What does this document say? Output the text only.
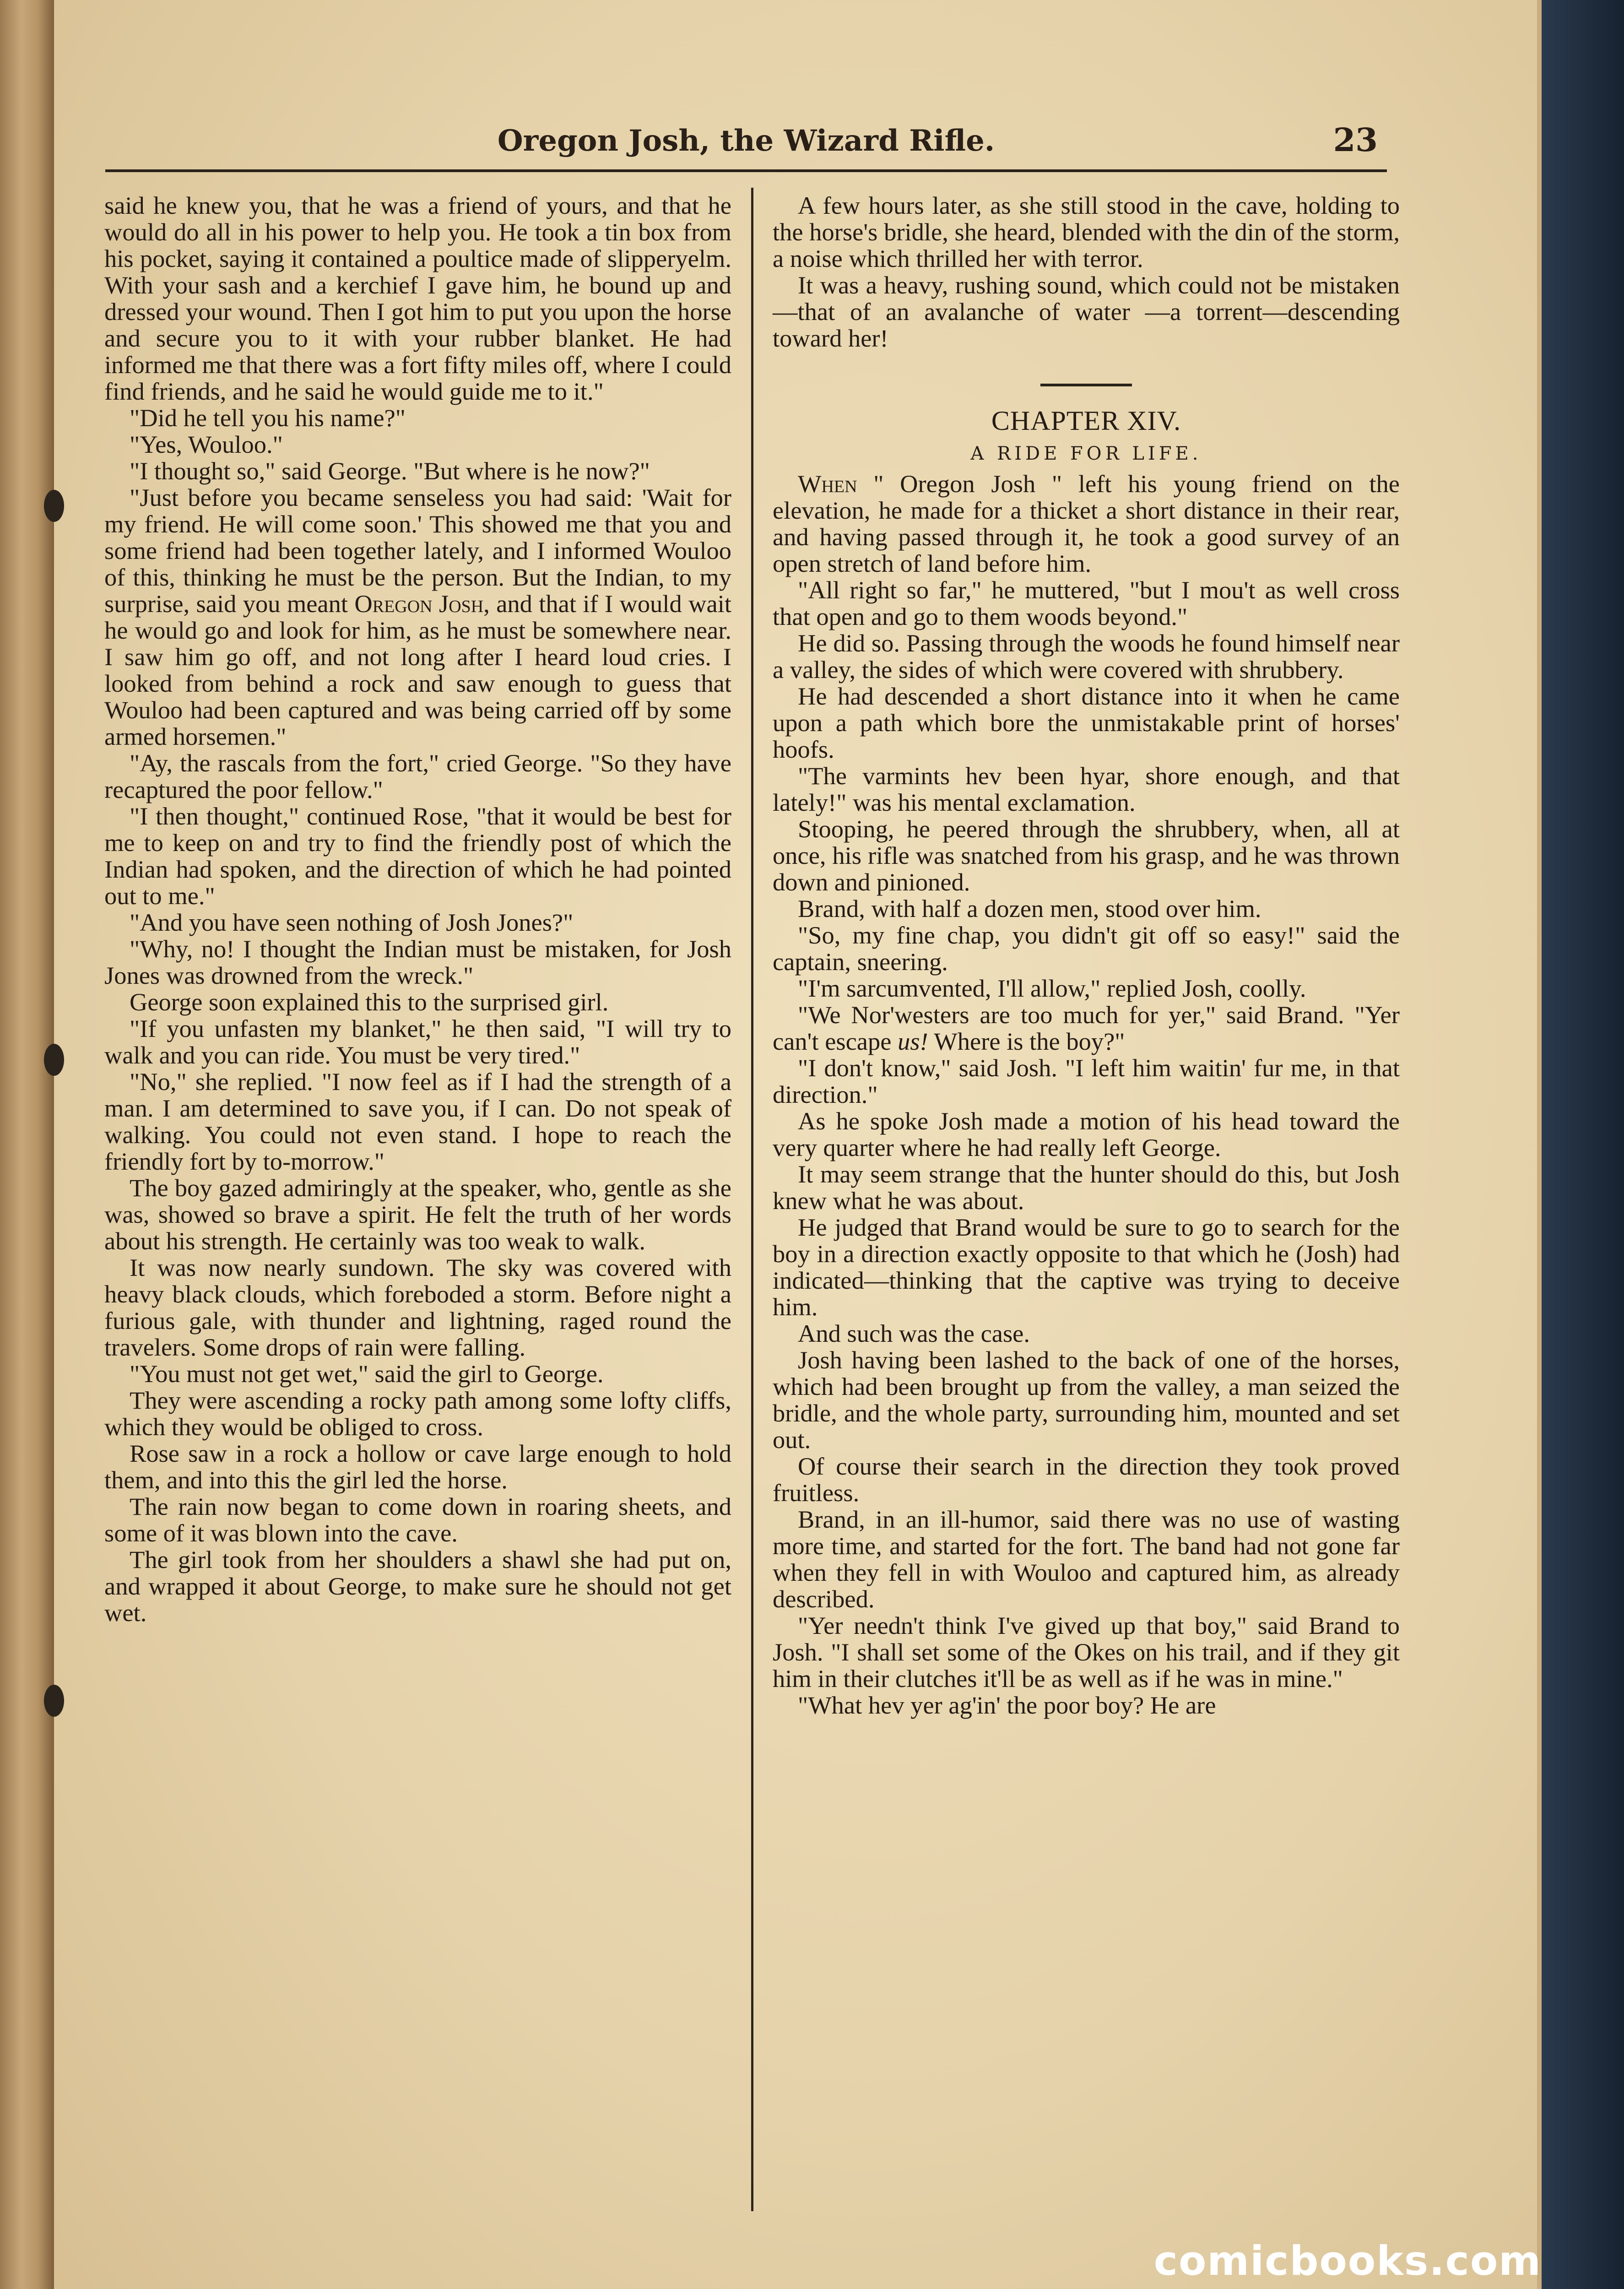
Oregon Josh, the Wizard Rifle.	23

said he knew you, that he was a friend of yours, and that he would do all in his power to help you. He took a tin box from his pocket, saying it contained a poultice made of slipperyelm. With your sash and a kerchief I gave him, he bound up and dressed your wound. Then I got him to put you upon the horse and secure you to it with your rubber blanket. He had informed me that there was a fort fifty miles off, where I could find friends, and he said he would guide me to it."

"Did he tell you his name?"

"Yes, Wouloo."

"I thought so," said George. "But where is he now?"

"Just before you became senseless you had said: 'Wait for my friend. He will come soon.' This showed me that you and some friend had been together lately, and I informed Wouloo of this, thinking he must be the person. But the Indian, to my surprise, said you meant Oregon Josh, and that if I would wait he would go and look for him, as he must be somewhere near. I saw him go off, and not long after I heard loud cries. I looked from behind a rock and saw enough to guess that Wouloo had been captured and was being carried off by some armed horsemen."

"Ay, the rascals from the fort," cried George. "So they have recaptured the poor fellow."

"I then thought," continued Rose, "that it would be best for me to keep on and try to find the friendly post of which the Indian had spoken, and the direction of which he had pointed out to me."

"And you have seen nothing of Josh Jones?"

"Why, no! I thought the Indian must be mistaken, for Josh Jones was drowned from the wreck."

George soon explained this to the surprised girl.

"If you unfasten my blanket," he then said, "I will try to walk and you can ride. You must be very tired."

"No," she replied. "I now feel as if I had the strength of a man. I am determined to save you, if I can. Do not speak of walking. You could not even stand. I hope to reach the friendly fort by to-morrow."

The boy gazed admiringly at the speaker, who, gentle as she was, showed so brave a spirit. He felt the truth of her words about his strength. He certainly was too weak to walk.

It was now nearly sundown. The sky was covered with heavy black clouds, which foreboded a storm. Before night a furious gale, with thunder and lightning, raged round the travelers. Some drops of rain were falling.

"You must not get wet," said the girl to George.

They were ascending a rocky path among some lofty cliffs, which they would be obliged to cross.

Rose saw in a rock a hollow or cave large enough to hold them, and into this the girl led the horse.

The rain now began to come down in roaring sheets, and some of it was blown into the cave.

The girl took from her shoulders a shawl she had put on, and wrapped it about George, to make sure he should not get wet.

A few hours later, as she still stood in the cave, holding to the horse's bridle, she heard, blended with the din of the storm, a noise which thrilled her with terror.

It was a heavy, rushing sound, which could not be mistaken—that of an avalanche of water —a torrent—descending toward her!

CHAPTER XIV.
A RIDE FOR LIFE.

When " Oregon Josh " left his young friend on the elevation, he made for a thicket a short distance in their rear, and having passed through it, he took a good survey of an open stretch of land before him.

"All right so far," he muttered, "but I mou't as well cross that open and go to them woods beyond."

He did so. Passing through the woods he found himself near a valley, the sides of which were covered with shrubbery.

He had descended a short distance into it when he came upon a path which bore the unmistakable print of horses' hoofs.

"The varmints hev been hyar, shore enough, and that lately!" was his mental exclamation.

Stooping, he peered through the shrubbery, when, all at once, his rifle was snatched from his grasp, and he was thrown down and pinioned.

Brand, with half a dozen men, stood over him.

"So, my fine chap, you didn't git off so easy!" said the captain, sneering.

"I'm sarcumvented, I'll allow," replied Josh, coolly.

"We Nor'westers are too much for yer," said Brand. "Yer can't escape us! Where is the boy?"

"I don't know," said Josh. "I left him waitin' fur me, in that direction."

As he spoke Josh made a motion of his head toward the very quarter where he had really left George.

It may seem strange that the hunter should do this, but Josh knew what he was about.

He judged that Brand would be sure to go to search for the boy in a direction exactly opposite to that which he (Josh) had indicated—thinking that the captive was trying to deceive him.

And such was the case.

Josh having been lashed to the back of one of the horses, which had been brought up from the valley, a man seized the bridle, and the whole party, surrounding him, mounted and set out.

Of course their search in the direction they took proved fruitless.

Brand, in an ill-humor, said there was no use of wasting more time, and started for the fort. The band had not gone far when they fell in with Wouloo and captured him, as already described.

"Yer needn't think I've gived up that boy," said Brand to Josh. "I shall set some of the Okes on his trail, and if they git him in their clutches it'll be as well as if he was in mine."

"What hev yer ag'in' the poor boy? He are

comicbooks.com
